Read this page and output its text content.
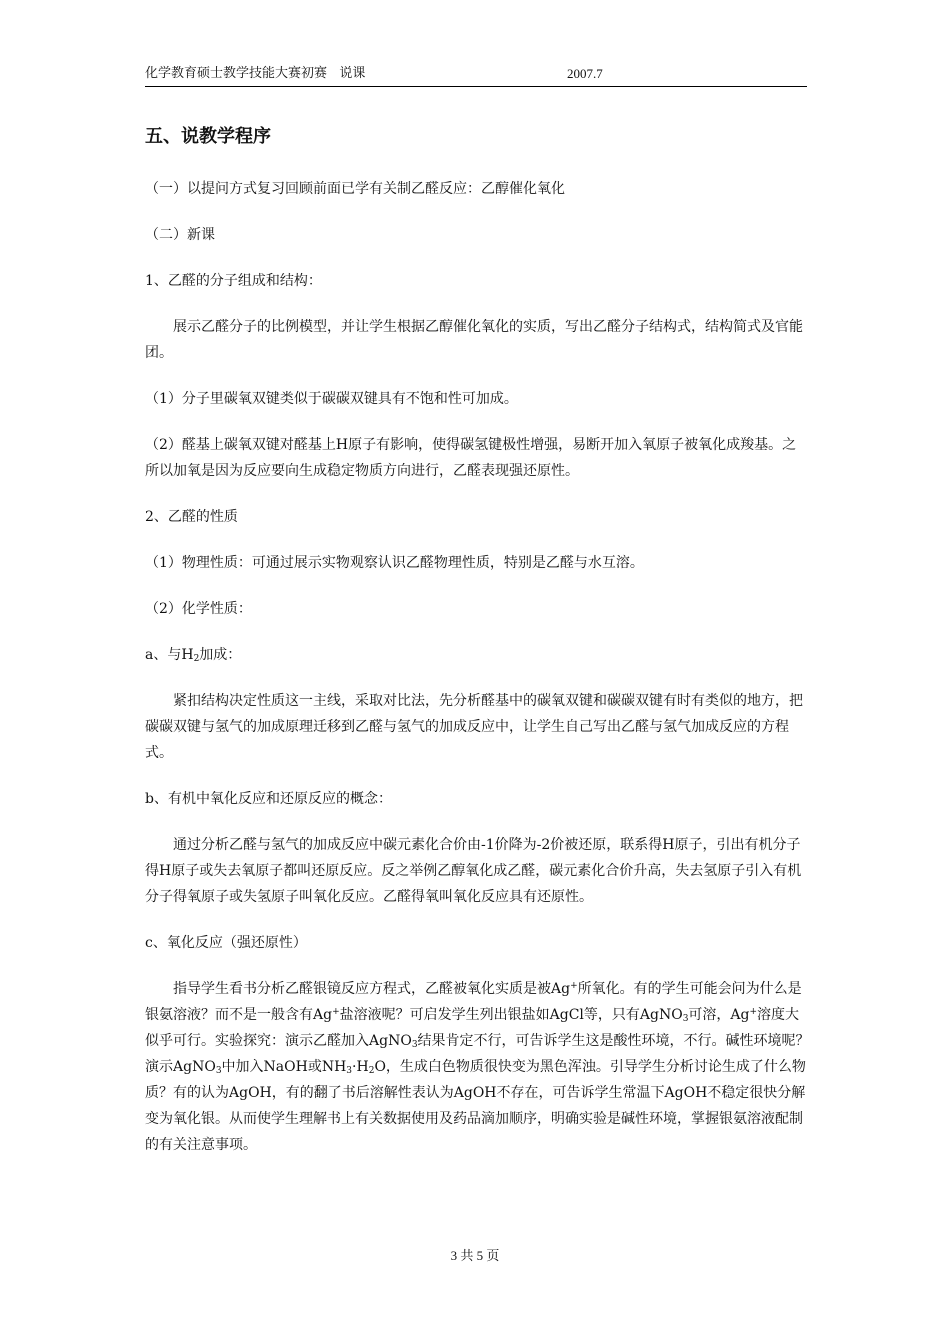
化学教育硕士教学技能大赛初赛   说课	2007.7
五、说教学程序
（一）以提问方式复习回顾前面已学有关制乙醛反应：乙醇催化氧化
（二）新课
1、乙醛的分子组成和结构：
展示乙醛分子的比例模型，并让学生根据乙醇催化氧化的实质，写出乙醛分子结构式，结构简式及官能团。
（1）分子里碳氧双键类似于碳碳双键具有不饱和性可加成。
（2）醛基上碳氧双键对醛基上H原子有影响，使得碳氢键极性增强，易断开加入氧原子被氧化成羧基。之所以加氧是因为反应要向生成稳定物质方向进行，乙醛表现强还原性。
2、乙醛的性质
（1）物理性质：可通过展示实物观察认识乙醛物理性质，特别是乙醛与水互溶。
（2）化学性质：
a、与$H_2$加成：
紧扣结构决定性质这一主线，采取对比法，先分析醛基中的碳氧双键和碳碳双键有时有类似的地方，把碳碳双键与氢气的加成原理迁移到乙醛与氢气的加成反应中，让学生自己写出乙醛与氢气加成反应的方程式。
b、有机中氧化反应和还原反应的概念：
通过分析乙醛与氢气的加成反应中碳元素化合价由-1价降为-2价被还原，联系得H原子，引出有机分子得H原子或失去氧原子都叫还原反应。反之举例乙醇氧化成乙醛，碳元素化合价升高，失去氢原子引入有机分子得氧原子或失氢原子叫氧化反应。乙醛得氧叫氧化反应具有还原性。
c、氧化反应（强还原性）
指导学生看书分析乙醛银镜反应方程式，乙醛被氧化实质是被Ag+所氧化。有的学生可能会问为什么是银氨溶液？而不是一般含有Ag+盐溶液呢？可启发学生列出银盐如AgCl等，只有AgNO$_3$可溶，Ag+溶度大似乎可行。实验探究：演示乙醛加入AgNO$_3$结果肯定不行，可告诉学生这是酸性环境，不行。碱性环境呢？演示AgNO$_3$中加入NaOH或$NH_3\cdot H_2O$，生成白色物质很快变为黑色浑浊。引导学生分析讨论生成了什么物质？有的认为AgOH，有的翻了书后溶解性表认为AgOH不存在，可告诉学生常温下AgOH不稳定很快分解变为氧化银。从而使学生理解书上有关数据使用及药品滴加顺序，明确实验是碱性环境，掌握银氨溶液配制的有关注意事项。
3 共 5 页
